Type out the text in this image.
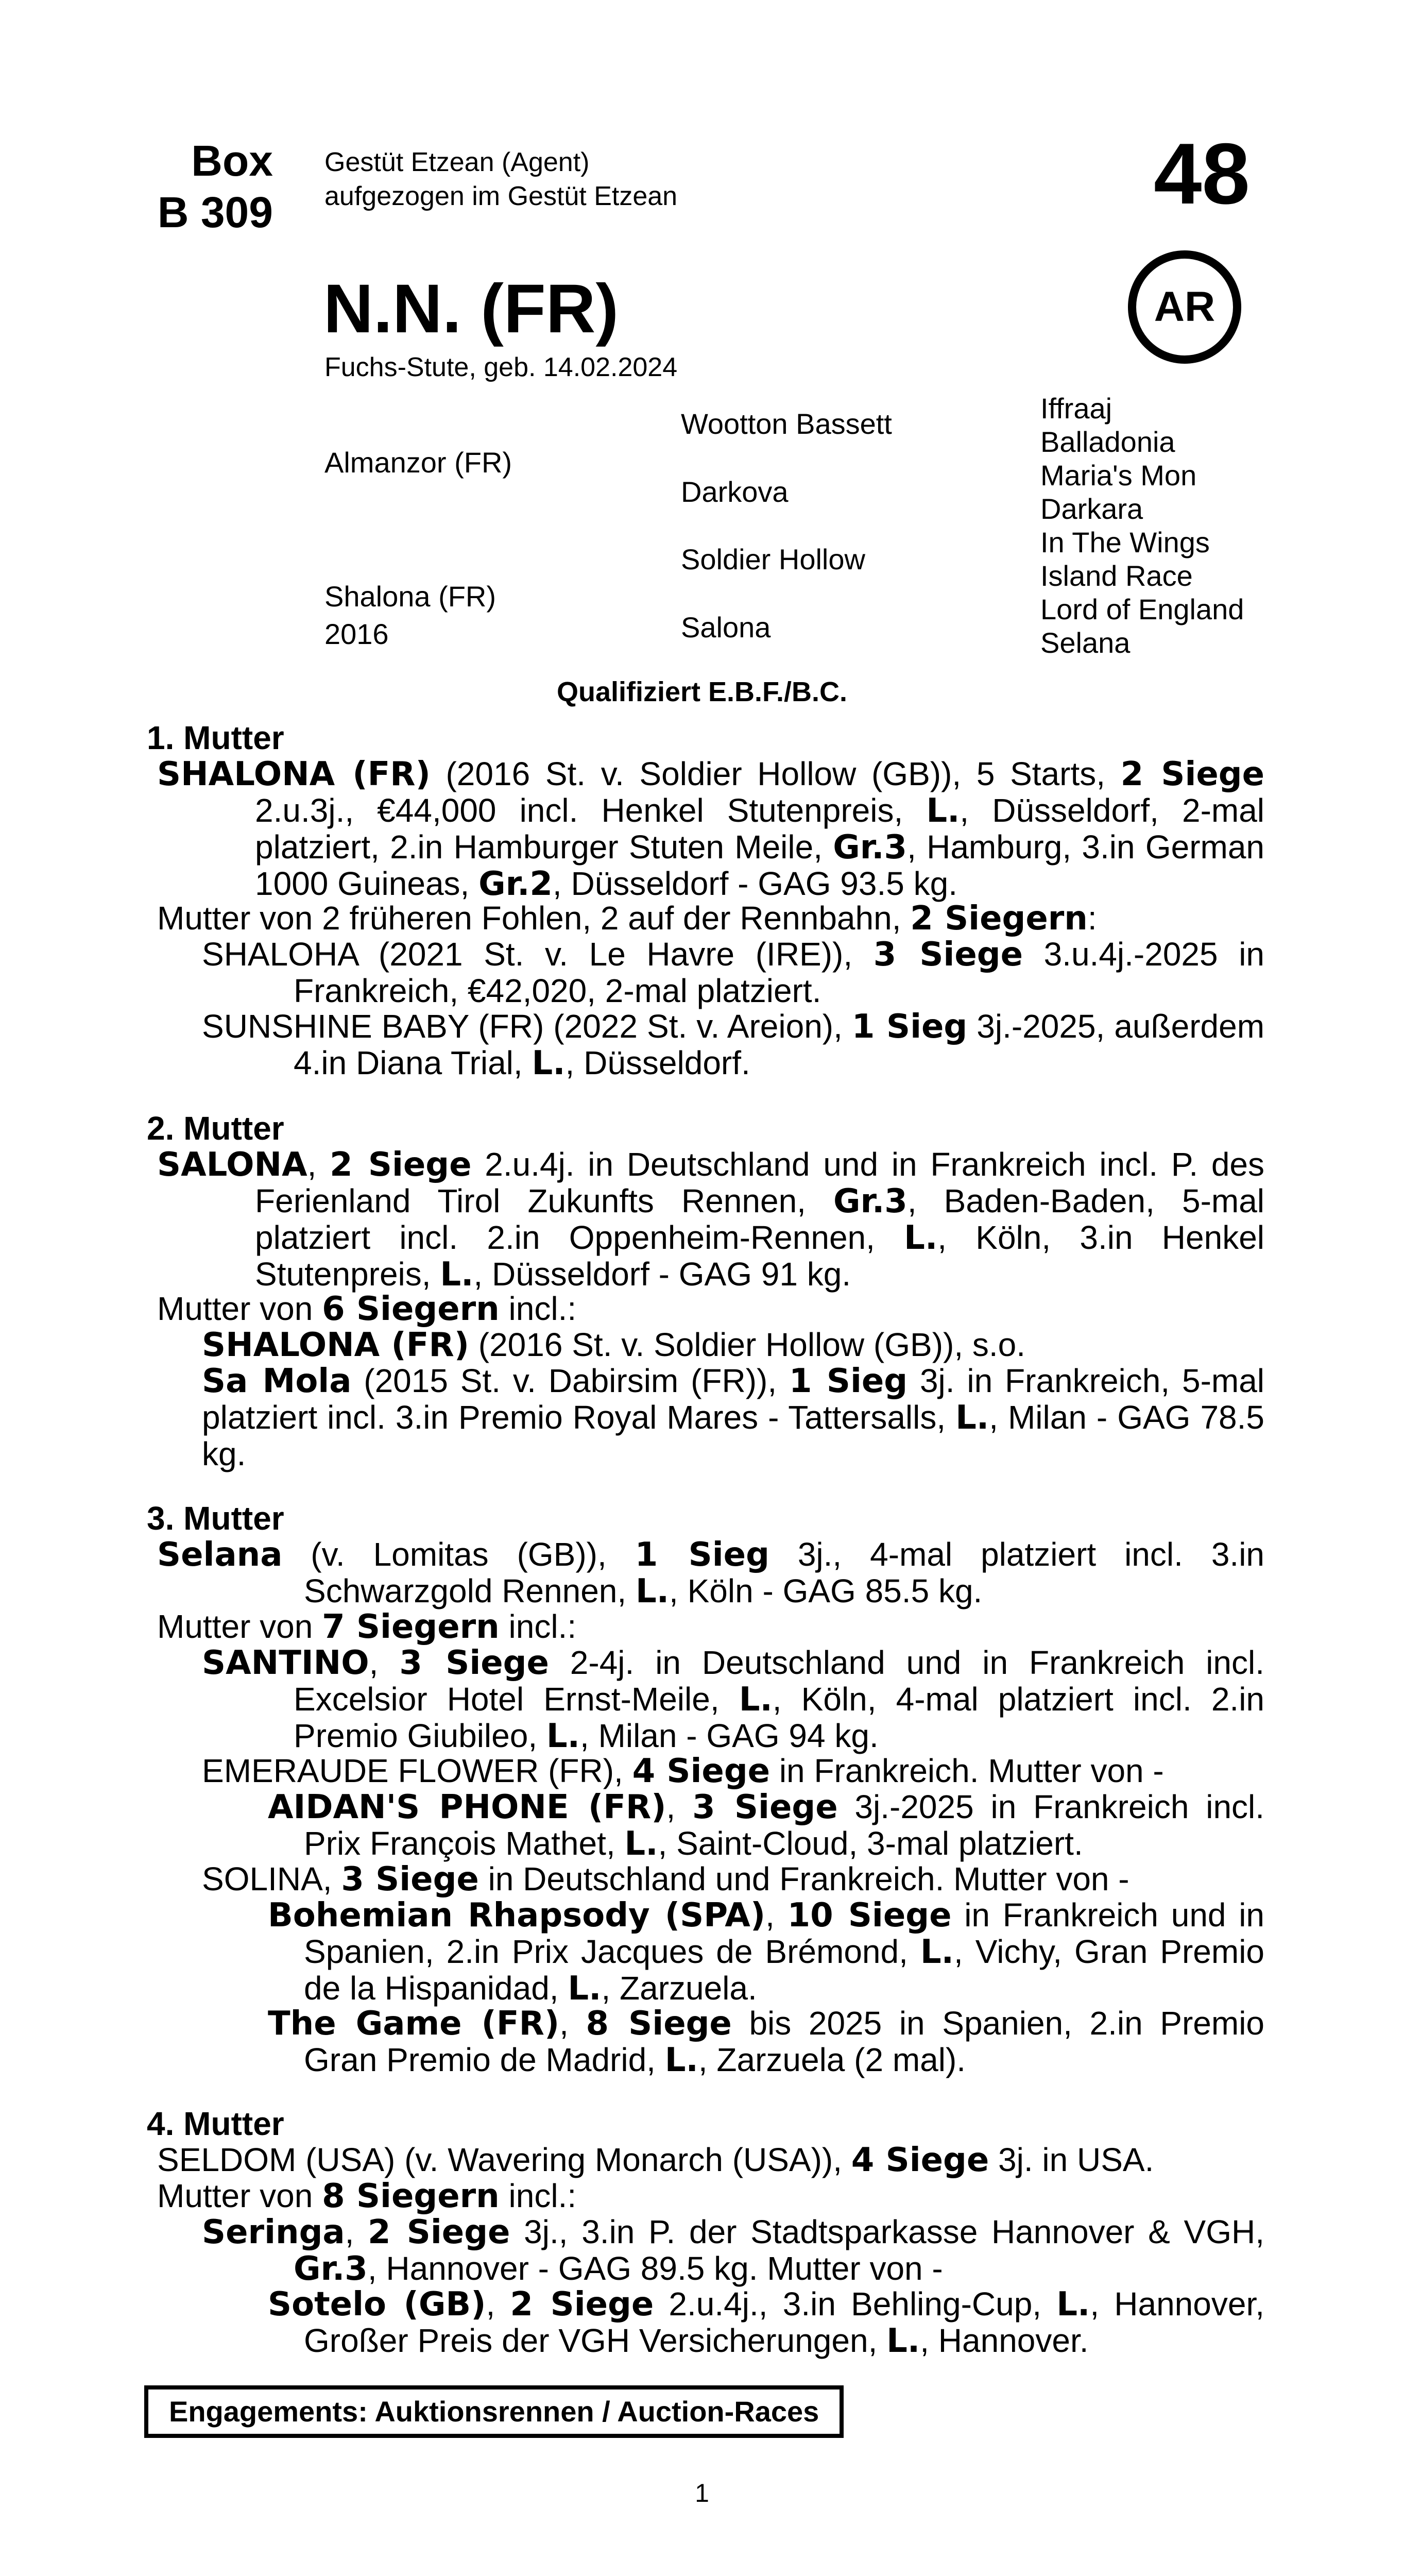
Box
B 309
Gestüt Etzean (Agent)
aufgezogen im Gestüt Etzean	48
AR
N.N. (FR)
Fuchs-Stute, geb. 14.02.2024
Almanzor (FR)
Shalona (FR)
2016
Wootton Bassett
Darkova
Soldier Hollow
Salona
Iffraaj
Balladonia
Maria's Mon
Darkara
In The Wings
Island Race
Lord of England
Selana
Qualifiziert E.B.F./B.C.
1. Mutter

SHALONA (FR) (2016 St. v. Soldier Hollow (GB)), 5 Starts, 2 Siege 2.u.3j., €44,000 incl. Henkel Stutenpreis, L., Düsseldorf, 2-mal platziert, 2.in Hamburger Stuten Meile, Gr.3, Hamburg, 3.in German 1000 Guineas, Gr.2, Düsseldorf - GAG 93.5 kg.

Mutter von 2 früheren Fohlen, 2 auf der Rennbahn, 2 Siegern:

SHALOHA (2021 St. v. Le Havre (IRE)), 3 Siege 3.u.4j.-2025 in Frankreich, €42,020, 2-mal platziert.

SUNSHINE BABY (FR) (2022 St. v. Areion), 1 Sieg 3j.-2025, außerdem 4.in Diana Trial, L., Düsseldorf.

2. Mutter

SALONA, 2 Siege 2.u.4j. in Deutschland und in Frankreich incl. P. des Ferienland Tirol Zukunfts Rennen, Gr.3, Baden-Baden, 5-mal platziert incl. 2.in Oppenheim-Rennen, L., Köln, 3.in Henkel Stutenpreis, L., Düsseldorf - GAG 91 kg.

Mutter von 6 Siegern incl.:

SHALONA (FR) (2016 St. v. Soldier Hollow (GB)), s.o.

Sa Mola (2015 St. v. Dabirsim (FR)), 1 Sieg 3j. in Frankreich, 5-mal platziert incl. 3.in Premio Royal Mares - Tattersalls, L., Milan - GAG 78.5 kg.

3. Mutter

Selana (v. Lomitas (GB)), 1 Sieg 3j., 4-mal platziert incl. 3.in Schwarzgold Rennen, L., Köln - GAG 85.5 kg.

Mutter von 7 Siegern incl.:

SANTINO, 3 Siege 2-4j. in Deutschland und in Frankreich incl. Excelsior Hotel Ernst-Meile, L., Köln, 4-mal platziert incl. 2.in Premio Giubileo, L., Milan - GAG 94 kg.

EMERAUDE FLOWER (FR), 4 Siege in Frankreich. Mutter von -

AIDAN'S PHONE (FR), 3 Siege 3j.-2025 in Frankreich incl. Prix François Mathet, L., Saint-Cloud, 3-mal platziert.

SOLINA, 3 Siege in Deutschland und Frankreich. Mutter von -

Bohemian Rhapsody (SPA), 10 Siege in Frankreich und in Spanien, 2.in Prix Jacques de Brémond, L., Vichy, Gran Premio de la Hispanidad, L., Zarzuela.

The Game (FR), 8 Siege bis 2025 in Spanien, 2.in Premio Gran Premio de Madrid, L., Zarzuela (2 mal).

4. Mutter

SELDOM (USA) (v. Wavering Monarch (USA)), 4 Siege 3j. in USA.

Mutter von 8 Siegern incl.:

Seringa, 2 Siege 3j., 3.in P. der Stadtsparkasse Hannover & VGH, Gr.3, Hannover - GAG 89.5 kg. Mutter von -

Sotelo (GB), 2 Siege 2.u.4j., 3.in Behling-Cup, L., Hannover, Großer Preis der VGH Versicherungen, L., Hannover.

Engagements: Auktionsrennen / Auction-Races
1
